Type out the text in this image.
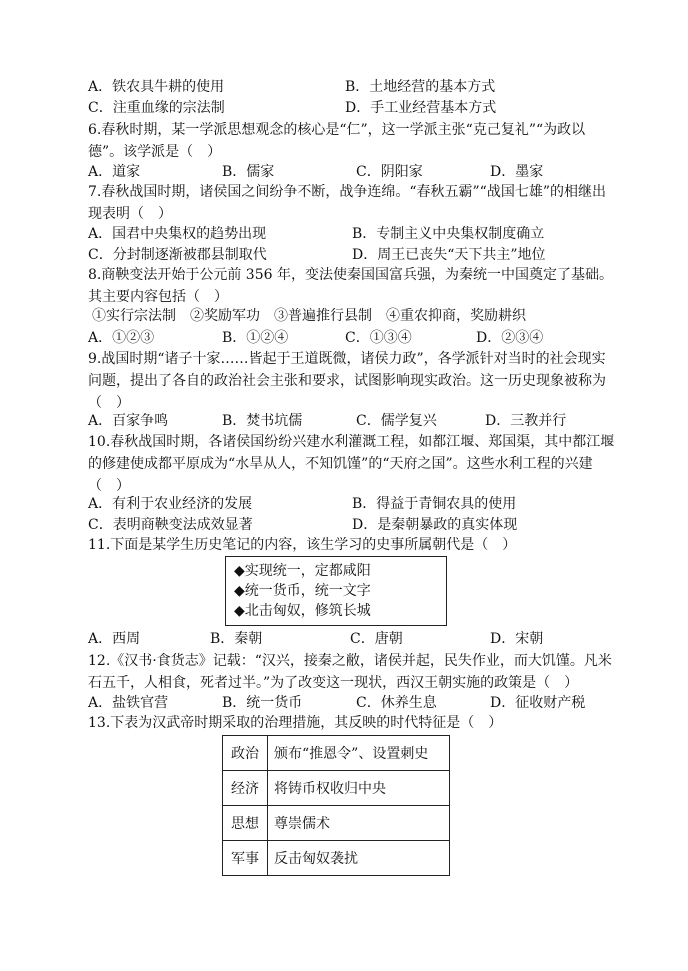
A．铁农具牛耕的使用	B．土地经营的基本方式
C．注重血缘的宗法制	D．手工业经营基本方式
6.春秋时期，某一学派思想观念的核心是“仁”，这一学派主张“克己复礼”“为政以德”。该学派是（　）
A．道家	B．儒家	C．阴阳家	D．墨家
7.春秋战国时期，诸侯国之间纷争不断，战争连绵。“春秋五霸”“战国七雄”的相继出现表明（　）
A．国君中央集权的趋势出现	B．专制主义中央集权制度确立
C．分封制逐渐被郡县制取代	D．周王已丧失“天下共主”地位
8.商鞅变法开始于公元前 356 年，变法使秦国国富兵强，为秦统一中国奠定了基础。其主要内容包括（　）
①实行宗法制　②奖励军功　③普遍推行县制　④重农抑商，奖励耕织
A．①②③	B．①②④	C．①③④	D．②③④
9.战国时期“诸子十家……皆起于王道既微，诸侯力政”，各学派针对当时的社会现实问题，提出了各自的政治社会主张和要求，试图影响现实政治。这一历史现象被称为（　）
A．百家争鸣	B．焚书坑儒	C．儒学复兴	D．三教并行
10.春秋战国时期，各诸侯国纷纷兴建水利灌溉工程，如都江堰、郑国渠，其中都江堰的修建使成都平原成为“水旱从人，不知饥馑”的“天府之国”。这些水利工程的兴建（　）
A．有利于农业经济的发展	B．得益于青铜农具的使用
C．表明商鞅变法成效显著	D．是秦朝暴政的真实体现
11.下面是某学生历史笔记的内容，该生学习的史事所属朝代是（　）
◆实现统一，定都咸阳
◆统一货币，统一文字
◆北击匈奴，修筑长城
A．西周	B．秦朝	C．唐朝	D．宋朝
12.《汉书·食货志》记载：“汉兴，接秦之敝，诸侯并起，民失作业，而大饥馑。凡米石五千，人相食，死者过半。”为了改变这一现状，西汉王朝实施的政策是（　）
A．盐铁官营	B．统一货币	C．休养生息	D．征收财产税
13.下表为汉武帝时期采取的治理措施，其反映的时代特征是（　）
政治	颁布“推恩令”、设置刺史
经济	将铸币权收归中央
思想	尊崇儒术
军事	反击匈奴袭扰
